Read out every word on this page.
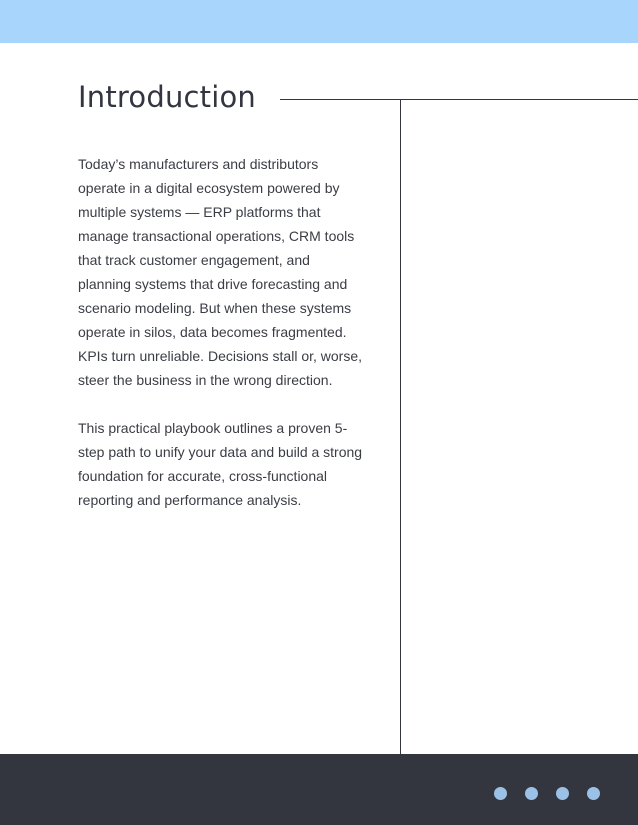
Introduction

Today’s manufacturers and distributors operate in a digital ecosystem powered by multiple systems — ERP platforms that manage transactional operations, CRM tools that track customer engagement, and planning systems that drive forecasting and scenario modeling. But when these systems operate in silos, data becomes fragmented. KPIs turn unreliable. Decisions stall or, worse, steer the business in the wrong direction.

This practical playbook outlines a proven 5-step path to unify your data and build a strong foundation for accurate, cross-functional reporting and performance analysis.
